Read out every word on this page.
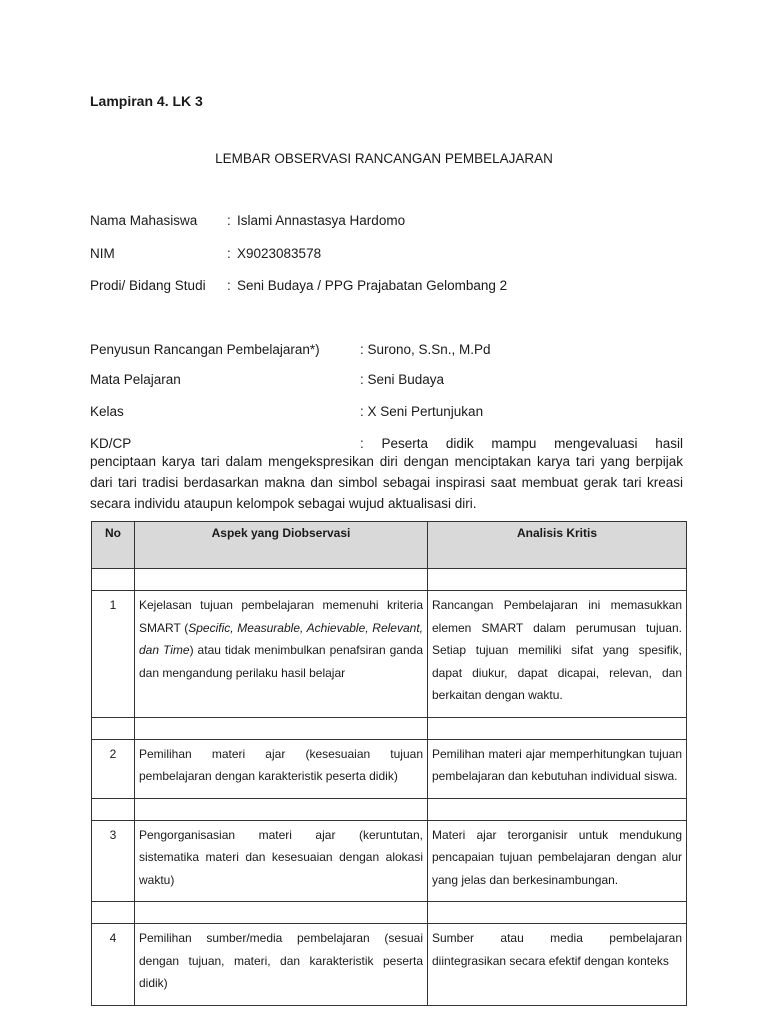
Lampiran 4. LK 3
LEMBAR OBSERVASI RANCANGAN PEMBELAJARAN
Nama Mahasiswa : Islami Annastasya Hardomo
NIM	: X9023083578
Prodi/ Bidang Studi : Seni Budaya / PPG Prajabatan Gelombang 2
Penyusun Rancangan Pembelajaran*)	: Surono, S.Sn., M.Pd
Mata Pelajaran	: Seni Budaya
Kelas	: X Seni Pertunjukan
KD/CP	: Peserta didik mampu mengevaluasi hasil
penciptaan karya tari dalam mengekspresikan diri dengan menciptakan karya tari yang berpijak dari tari tradisi berdasarkan makna dan simbol sebagai inspirasi saat membuat gerak tari kreasi secara individu ataupun kelompok sebagai wujud aktualisasi diri.
No	Aspek yang Diobservasi	Analisis Kritis

1	Kejelasan tujuan pembelajaran memenuhi kriteria SMART (Specific, Measurable, Achievable, Relevant, dan Time) atau tidak menimbulkan penafsiran ganda dan mengandung perilaku hasil belajar	Rancangan Pembelajaran ini memasukkan elemen SMART dalam perumusan tujuan. Setiap tujuan memiliki sifat yang spesifik, dapat diukur, dapat dicapai, relevan, dan berkaitan dengan waktu.

2	Pemilihan materi ajar (kesesuaian tujuan pembelajaran dengan karakteristik peserta didik)	Pemilihan materi ajar memperhitungkan tujuan pembelajaran dan kebutuhan individual siswa.

3	Pengorganisasian materi ajar (keruntutan, sistematika materi dan kesesuaian dengan alokasi waktu)	Materi ajar terorganisir untuk mendukung pencapaian tujuan pembelajaran dengan alur yang jelas dan berkesinambungan.

4	Pemilihan sumber/media pembelajaran (sesuai dengan tujuan, materi, dan karakteristik peserta didik)	Sumber atau media pembelajaran diintegrasikan secara efektif dengan konteks
